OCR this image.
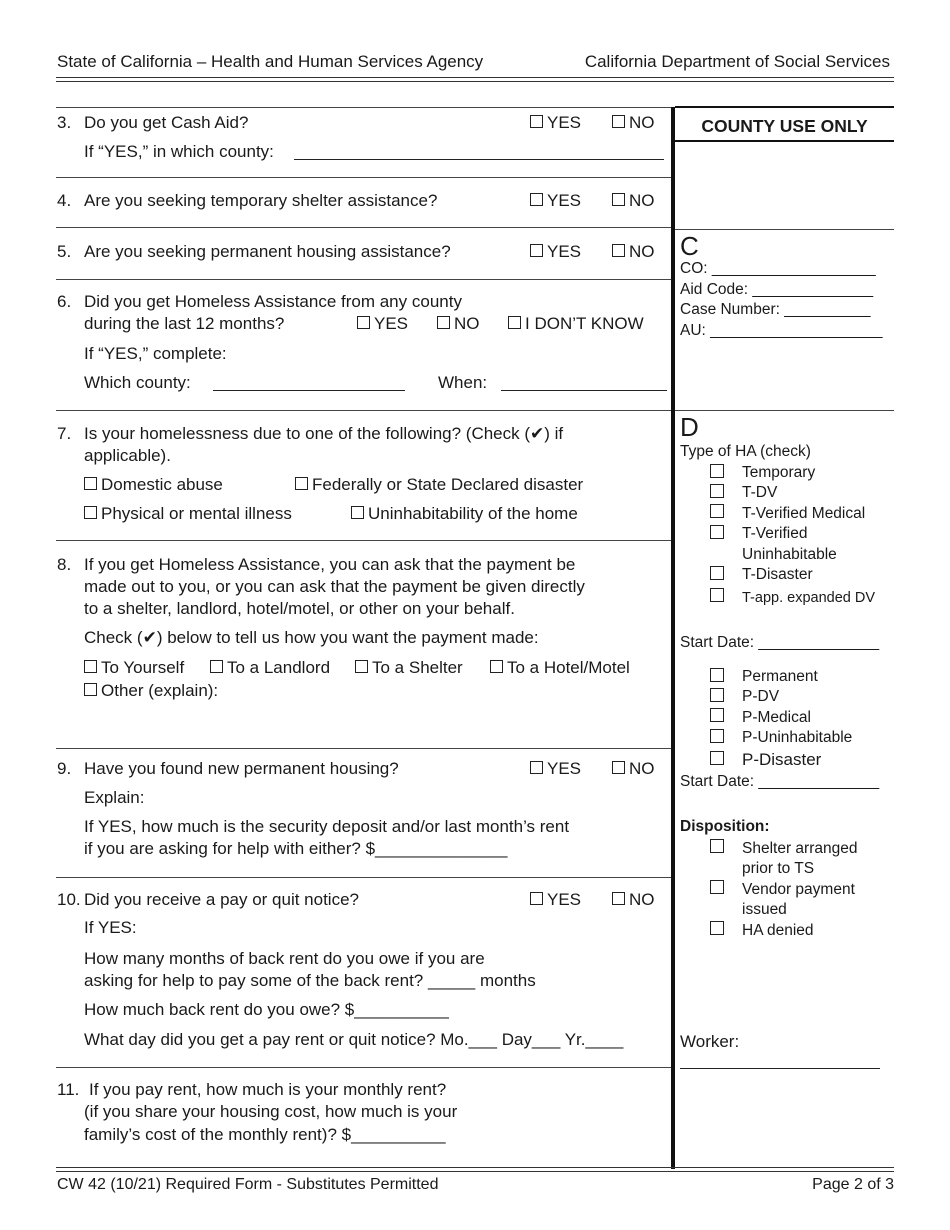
State of California – Health and Human Services Agency	California Department of Social Services
3. Do you get Cash Aid?	YES	NO
If “YES,” in which county:
4. Are you seeking temporary shelter assistance?	YES	NO
5. Are you seeking permanent housing assistance?	YES	NO
6. Did you get Homeless Assistance from any county
during the last 12 months?	YES	NO	I DON’T KNOW
If “YES,” complete:
Which county:	When:
7. Is your homelessness due to one of the following? (Check (✔) if
applicable).
Domestic abuse	Federally or State Declared disaster
Physical or mental illness	Uninhabitability of the home
8. If you get Homeless Assistance, you can ask that the payment be
made out to you, or you can ask that the payment be given directly
to a shelter, landlord, hotel/motel, or other on your behalf.
Check (✔) below to tell us how you want the payment made:
To Yourself	To a Landlord	To a Shelter	To a Hotel/Motel
Other (explain):
9. Have you found new permanent housing?	YES	NO
Explain:
If YES, how much is the security deposit and/or last month’s rent
if you are asking for help with either? $______________
10. Did you receive a pay or quit notice?	YES	NO
If YES:
How many months of back rent do you owe if you are
asking for help to pay some of the back rent? _____ months
How much back rent do you owe? $__________
What day did you get a pay rent or quit notice? Mo.___ Day___ Yr.____
11. If you pay rent, how much is your monthly rent?
(if you share your housing cost, how much is your
family’s cost of the monthly rent)? $__________
COUNTY USE ONLY
C
CO: ___________________
Aid Code: ______________
Case Number: __________
AU: ____________________
D
Type of HA (check)
Temporary
T-DV
T-Verified Medical
T-Verified
Uninhabitable
T-Disaster
T-app. expanded DV
Start Date: ______________
Permanent
P-DV
P-Medical
P-Uninhabitable
P-Disaster
Start Date: ______________
Disposition:
Shelter arranged
prior to TS
Vendor payment
issued
HA denied
Worker:
CW 42 (10/21) Required Form - Substitutes Permitted	Page 2 of 3
